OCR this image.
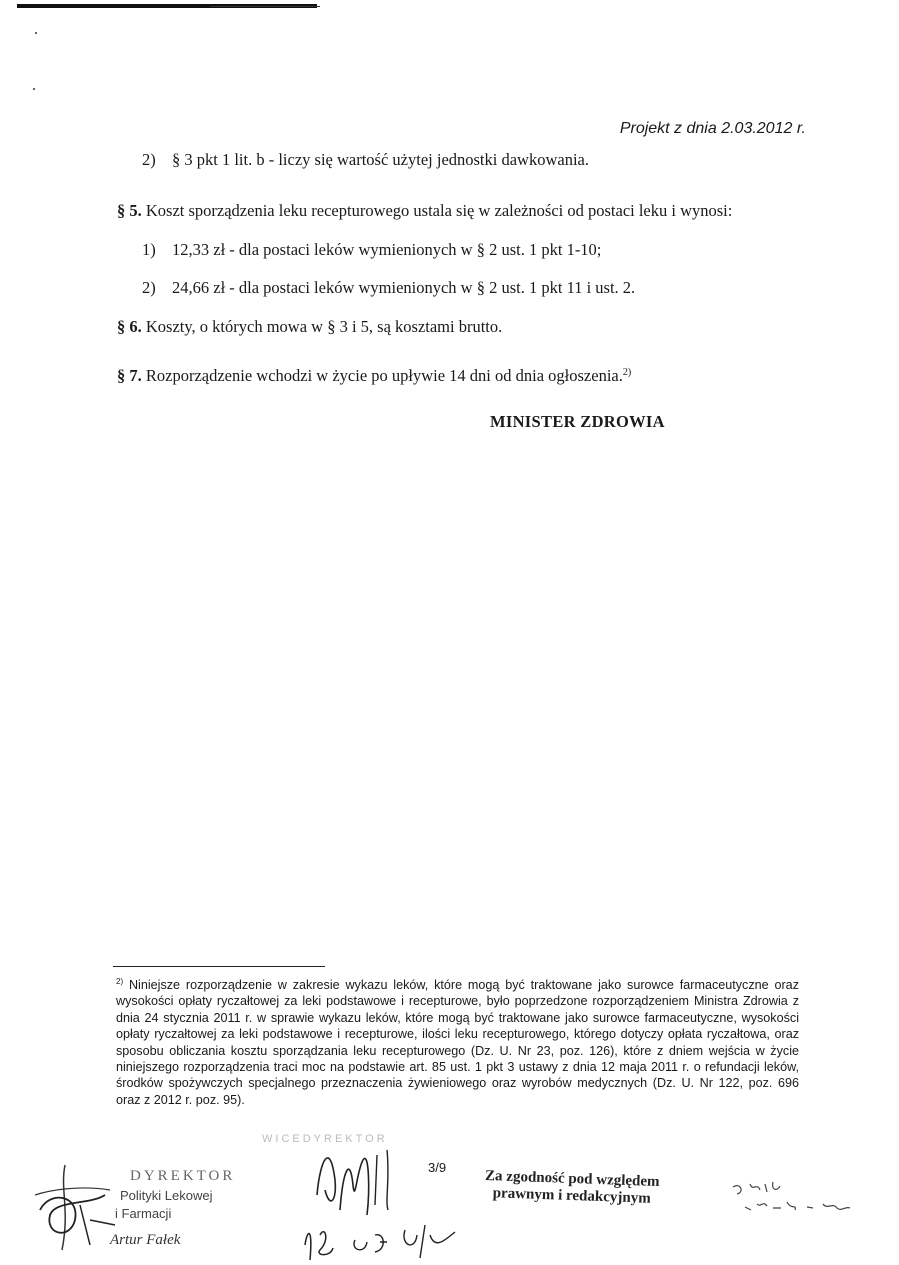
Projekt z dnia 2.03.2012 r.
2) § 3 pkt 1 lit. b - liczy się wartość użytej jednostki dawkowania.
§ 5. Koszt sporządzenia leku recepturowego ustala się w zależności od postaci leku i wynosi:
1) 12,33 zł - dla postaci leków wymienionych w § 2 ust. 1 pkt 1-10;
2) 24,66 zł - dla postaci leków wymienionych w § 2 ust. 1 pkt 11 i ust. 2.
§ 6. Koszty, o których mowa w § 3 i 5, są kosztami brutto.
§ 7. Rozporządzenie wchodzi w życie po upływie 14 dni od dnia ogłoszenia.$^{2)}$
MINISTER ZDROWIA
$^{2)}$ Niniejsze rozporządzenie w zakresie wykazu leków, które mogą być traktowane jako surowce farmaceutyczne oraz wysokości opłaty ryczałtowej za leki podstawowe i recepturowe, było poprzedzone rozporządzeniem Ministra Zdrowia z dnia 24 stycznia 2011 r. w sprawie wykazu leków, które mogą być traktowane jako surowce farmaceutyczne, wysokości opłaty ryczałtowej za leki podstawowe i recepturowe, ilości leku recepturowego, którego dotyczy opłata ryczałtowa, oraz sposobu obliczania kosztu sporządzania leku recepturowego (Dz. U. Nr 23, poz. 126), które z dniem wejścia w życie niniejszego rozporządzenia traci moc na podstawie art. 85 ust. 1 pkt 3 ustawy z dnia 12 maja 2011 r. o refundacji leków, środków spożywczych specjalnego przeznaczenia żywieniowego oraz wyrobów medycznych (Dz. U. Nr 122, poz. 696 oraz z 2012 r. poz. 95).
WICEDYREKTOR
DYREKTOR
Polityki Lekowej
i Farmacji
Artur Fałek
3/9
Za zgodność pod względem
prawnym i redakcyjnym
